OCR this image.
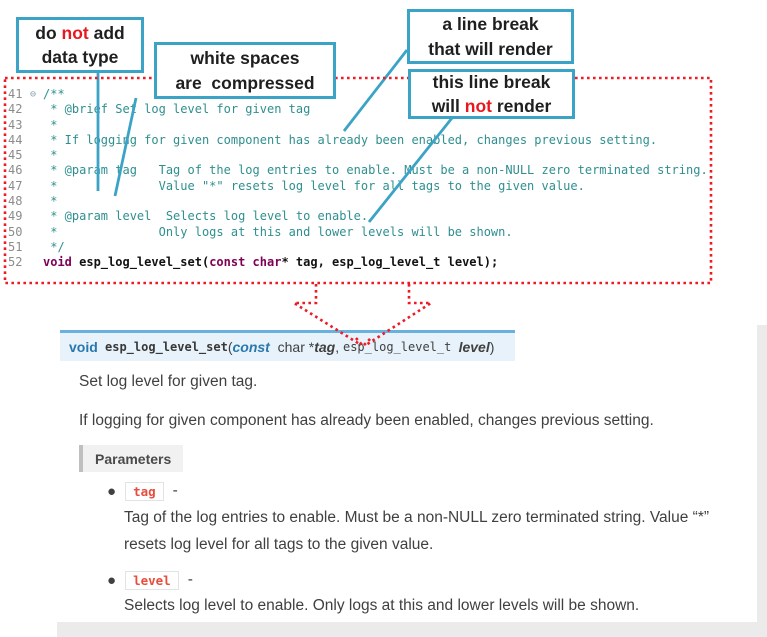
41 ⊖ /**
42	* @brief Set log level for given tag
43	*
44	* If logging for given component has already been enabled, changes previous setting.
45	*
46	* @param tag   Tag of the log entries to enable. Must be a non-NULL zero terminated string.
47	*              Value "*" resets log level for all tags to the given value.
48	*
49	* @param level  Selects log level to enable.
50	*              Only logs at this and lower levels will be shown.
51	*/
52	void esp_log_level_set(const char* tag, esp_log_level_t level);
do not add
data type	white spaces
are  compressed
a line break
that will render
this line break
will not render
void esp_log_level_set ( const char * tag , esp_log_level_t level )
Set log level for given tag.
If logging for given component has already been enabled, changes previous setting.
Parameters
●	tag	-
Tag of the log entries to enable. Must be a non-NULL zero terminated string. Value “*”
resets log level for all tags to the given value.
●	level	-
Selects log level to enable. Only logs at this and lower levels will be shown.
